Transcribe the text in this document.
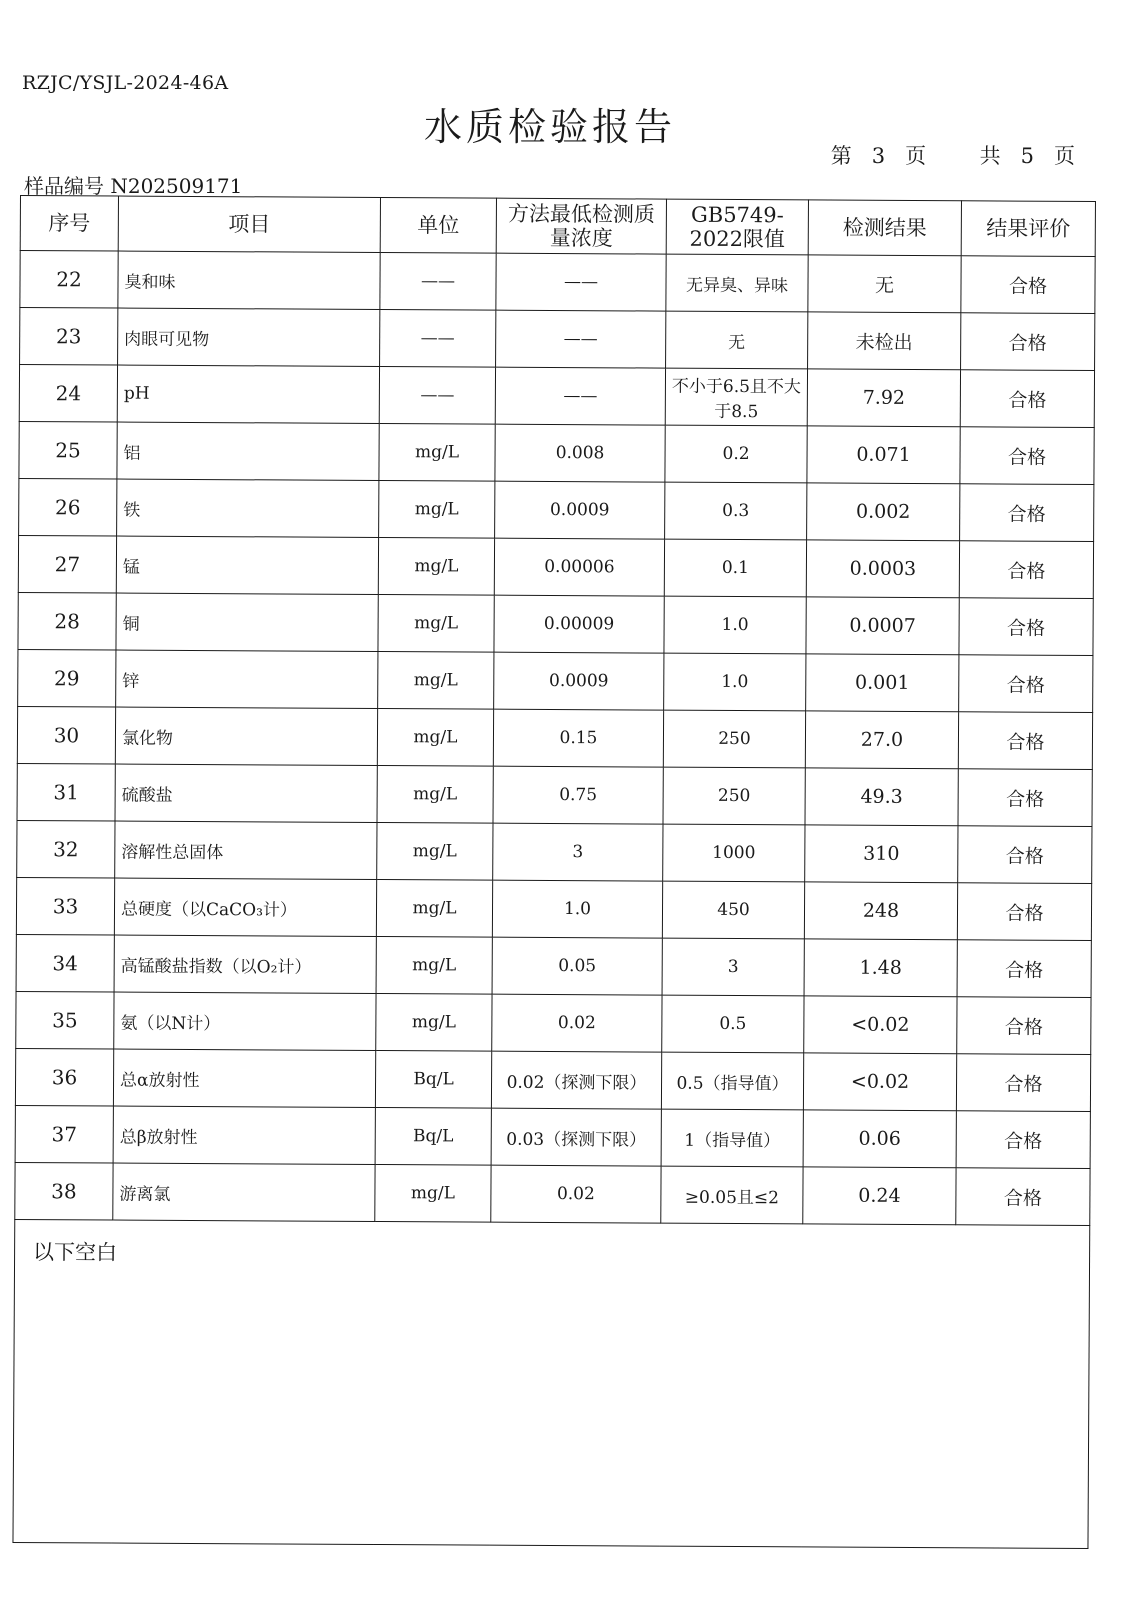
RZJC/YSJL-2024-46A
水质检验报告
第 3 页	共 5 页
样品编号 N202509171
序号	项目	单位	方法最低检测质量浓度	GB5749-2022限值	检测结果	结果评价
22	臭和味	——	——	无异臭、异味	无	合格
23	肉眼可见物	——	——	无	未检出	合格
24	pH	——	——	不小于6.5且不大于8.5	7.92	合格
25	铝	mg/L	0.008	0.2	0.071	合格
26	铁	mg/L	0.0009	0.3	0.002	合格
27	锰	mg/L	0.00006	0.1	0.0003	合格
28	铜	mg/L	0.00009	1.0	0.0007	合格
29	锌	mg/L	0.0009	1.0	0.001	合格
30	氯化物	mg/L	0.15	250	27.0	合格
31	硫酸盐	mg/L	0.75	250	49.3	合格
32	溶解性总固体	mg/L	3	1000	310	合格
33	总硬度（以CaCO₃计）	mg/L	1.0	450	248	合格
34	高锰酸盐指数（以O₂计）	mg/L	0.05	3	1.48	合格
35	氨（以N计）	mg/L	0.02	0.5	<0.02	合格
36	总α放射性	Bq/L	0.02（探测下限）	0.5（指导值）	<0.02	合格
37	总β放射性	Bq/L	0.03（探测下限）	1（指导值）	0.06	合格
38	游离氯	mg/L	0.02	≥0.05且≤2	0.24	合格
以下空白						
